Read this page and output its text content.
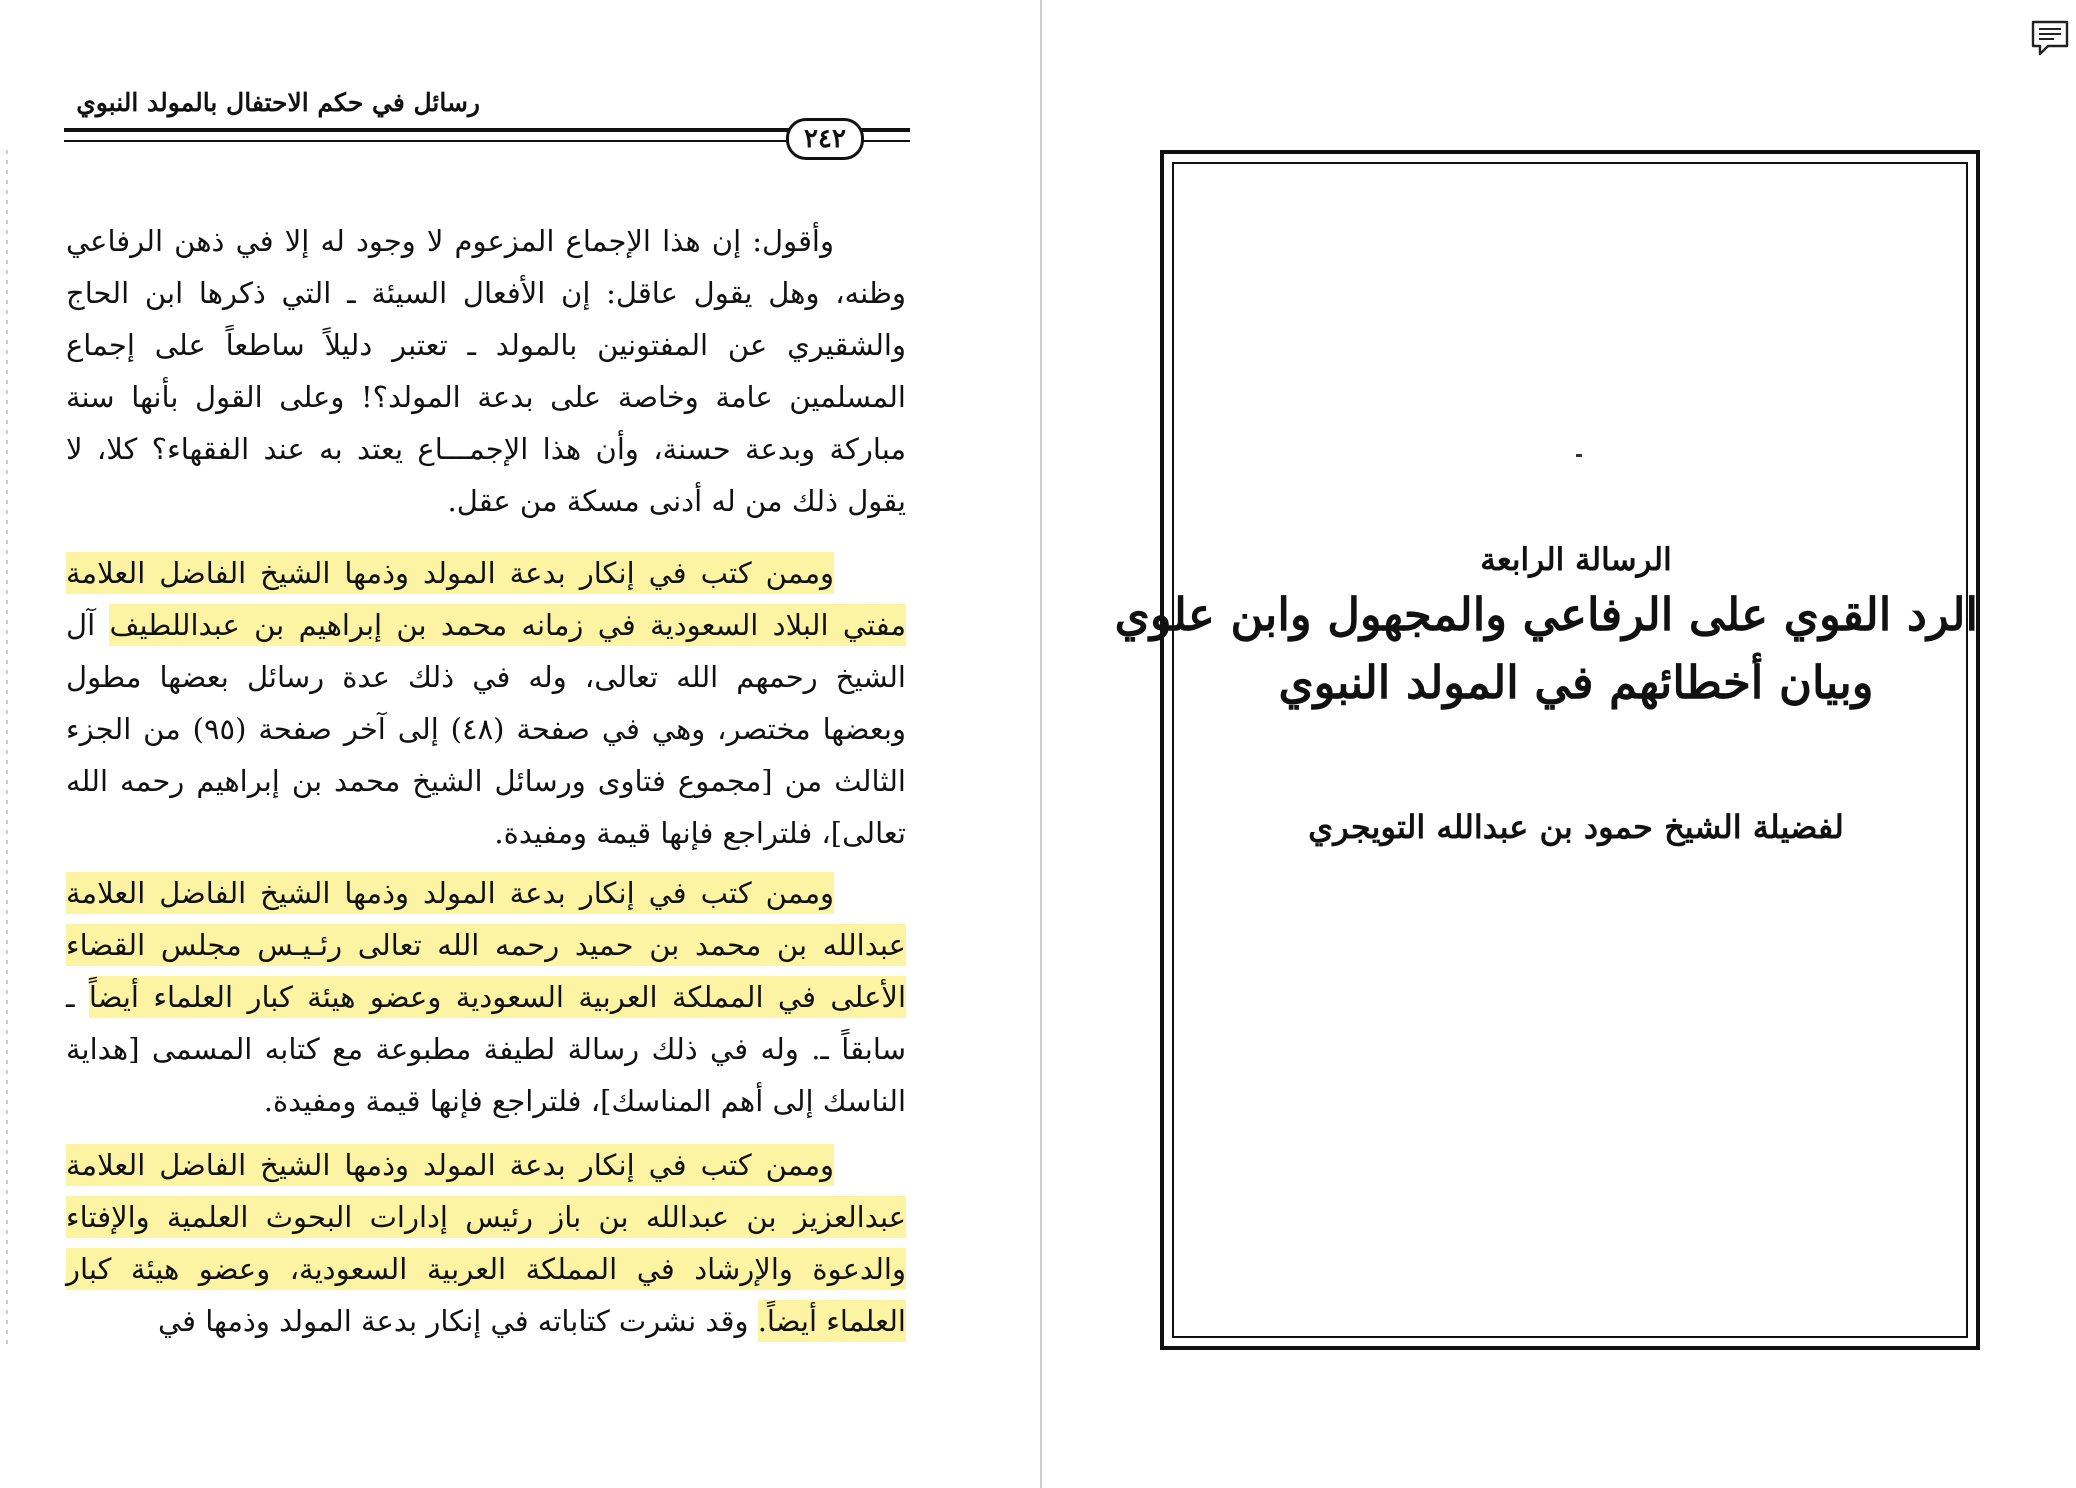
رسائل في حكم الاحتفال بالمولد النبوي
٢٤٢

وأقول: إن هذا الإجماع المزعوم لا وجود له إلا في ذهن الرفاعي وظنه، وهل يقول عاقل: إن الأفعال السيئة ـ التي ذكرها ابن الحاج والشقيري عن المفتونين بالمولد ـ تعتبر دليلاً ساطعاً على إجماع المسلمين عامة وخاصة على بدعة المولد؟! وعلى القول بأنها سنة مباركة وبدعة حسنة، وأن هذا الإجمـــاع يعتد به عند الفقهاء؟ كلا، لا يقول ذلك من له أدنى مسكة من عقل.

وممن كتب في إنكار بدعة المولد وذمها الشيخ الفاضل العلامة مفتي البلاد السعودية في زمانه محمد بن إبراهيم بن عبداللطيف آل الشيخ رحمهم الله تعالى، وله في ذلك عدة رسائل بعضها مطول وبعضها مختصر، وهي في صفحة (٤٨) إلى آخر صفحة (٩٥) من الجزء الثالث من [مجموع فتاوى ورسائل الشيخ محمد بن إبراهيم رحمه الله تعالى]، فلتراجع فإنها قيمة ومفيدة.

وممن كتب في إنكار بدعة المولد وذمها الشيخ الفاضل العلامة عبدالله بن محمد بن حميد رحمه الله تعالى رئـيـس مجلس القضاء الأعلى في المملكة العربية السعودية وعضو هيئة كبار العلماء أيضاً ـ سابقاً ـ. وله في ذلك رسالة لطيفة مطبوعة مع كتابه المسمى [هداية الناسك إلى أهم المناسك]، فلتراجع فإنها قيمة ومفيدة.

وممن كتب في إنكار بدعة المولد وذمها الشيخ الفاضل العلامة عبدالعزيز بن عبدالله بن باز رئيس إدارات البحوث العلمية والإفتاء والدعوة والإرشاد في المملكة العربية السعودية، وعضو هيئة كبار العلماء أيضاً. وقد نشرت كتاباته في إنكار بدعة المولد وذمها في

الرسالة الرابعة
الرد القوي على الرفاعي والمجهول وابن علوي
وبيان أخطائهم في المولد النبوي
لفضيلة الشيخ حمود بن عبدالله التويجري
